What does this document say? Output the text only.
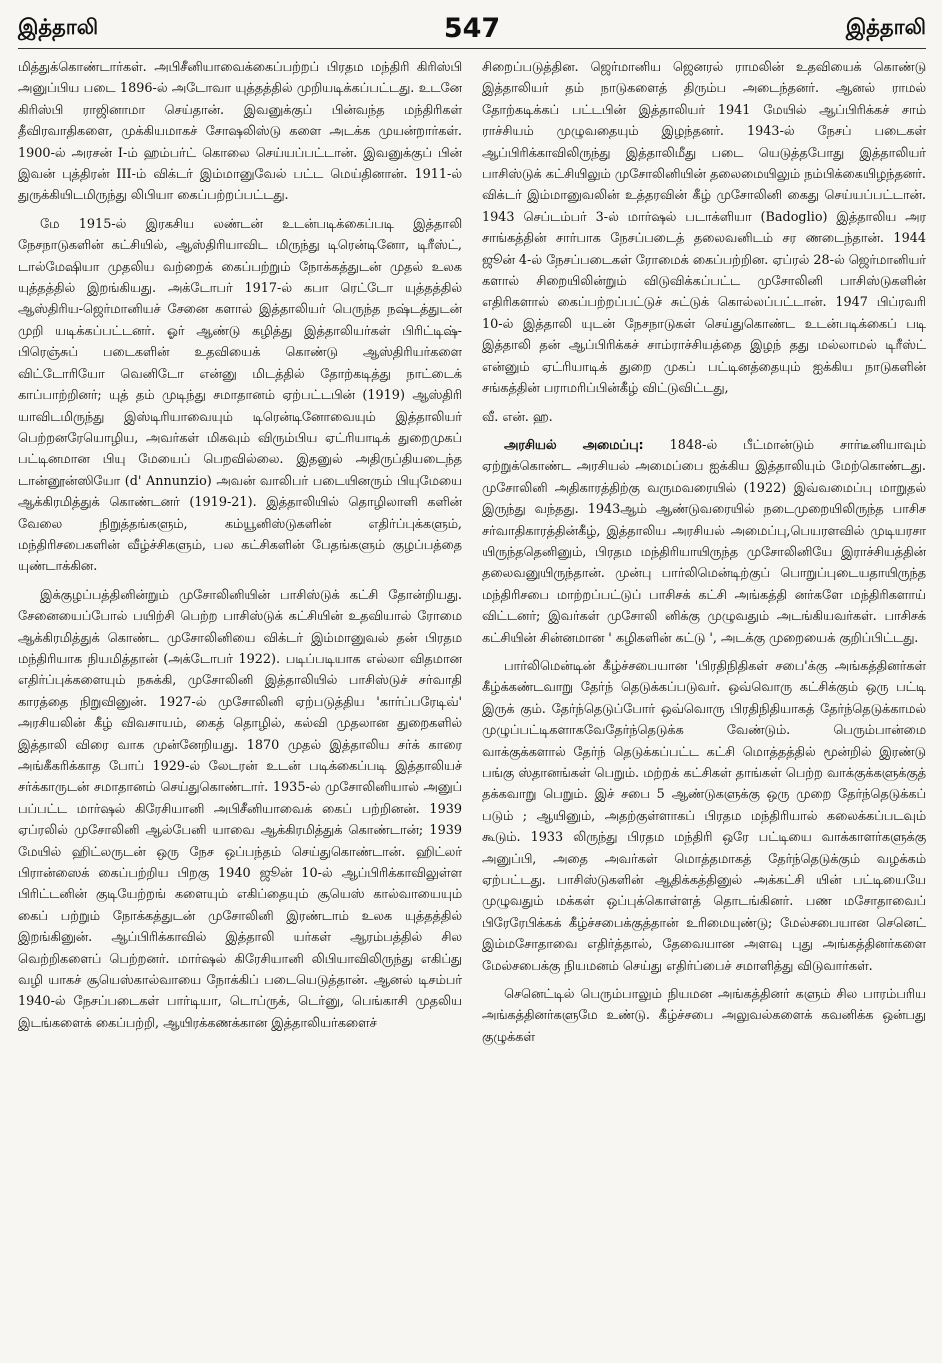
இத்தாலி	547	இத்தாலி

மித்துக்கொண்டார்கள். அபிசீனியாவைக்கைப்பற்றப் பிரதம மந்திரி கிரிஸ்பி அனுப்பிய படை 1896-ல் அடோவா யுத்தத்தில் முறியடிக்கப்பட்டது. உடனே கிரிஸ்பி ராஜினாமா செய்தான். இவனுக்குப் பின்வந்த மந்திரிகள் தீவிரவாதிகளை, முக்கியமாகச் சோஷலிஸ்டு களை அடக்க முயன்றார்கள். 1900-ல் அரசன் I-ம் ஹம்பர்ட் கொலை செய்யப்பட்டான். இவனுக்குப் பின் இவன் புத்திரன் III-ம் விக்டர் இம்மானுவேல் பட்ட மெய்தினான். 1911-ல் துருக்கியிடமிருந்து லிபியா கைப்பற்றப்பட்டது.

மே 1915-ல் இரகசிய லண்டன் உடன்படிக்கைப்படி இத்தாலி நேசநாடுகளின் கட்சியில், ஆஸ்திரியாவிட மிருந்து டிரென்டினோ, டிரீஸ்ட், டால்மேஷியா முதலிய வற்றைக் கைப்பற்றும் நோக்கத்துடன் முதல் உலக யுத்தத்தில் இறங்கியது. அக்டோபர் 1917-ல் கபா ரெட்டோ யுத்தத்தில் ஆஸ்திரிய-ஜெர்மானியச் சேனை களால் இத்தாலியர் பெருந்த நஷ்டத்துடன் முறி யடிக்கப்பட்டனர். ஓர் ஆண்டு கழித்து இத்தாலியர்கள் பிரிட்டிஷ்-பிரெஞ்சுப் படைகளின் உதவியைக் கொண்டு ஆஸ்திரியர்களை விட்டோரியோ வெனிடோ என்னு மிடத்தில் தோற்கடித்து நாட்டைக் காப்பாற்றினர்; யுத் தம் முடிந்து சமாதானம் ஏற்பட்டபின் (1919) ஆஸ்திரி யாவிடமிருந்து இஸ்டிரியாவையும் டிரென்டினோவையும் இத்தாலியர் பெற்றனரேயொழிய, அவர்கள் மிகவும் விரும்பிய ஏட்ரியாடிக் துறைமுகப் பட்டினமான பியு மேயைப் பெறவில்லை. இதனுல் அதிருப்தியடைந்த டான்னூன்ஸியோ (d' Annunzio) அவன் வாலிபர் படையினரும் பியுமேயை ஆக்கிரமித்துக் கொண்டனர் (1919-21). இத்தாலியில் தொழிலாளி களின் வேலை நிறுத்தங்களும், கம்யூனிஸ்டுகளின் எதிர்ப்புக்களும், மந்திரிசபைகளின் வீழ்ச்சிகளும், பல கட்சிகளின் பேதங்களும் குழப்பத்தை யுண்டாக்கின.

இக்குழப்பத்தினின்றும் முசோலினியின் பாசிஸ்டுக் கட்சி தோன்றியது. சேனையைப்போல் பயிற்சி பெற்ற பாசிஸ்டுக் கட்சியின் உதவியால் ரோமை ஆக்கிரமித்துக் கொண்ட முசோலினியை விக்டர் இம்மானுவல் தன் பிரதம மந்திரியாக நியமித்தான் (அக்டோபர் 1922). படிப்படியாக எல்லா விதமான எதிர்ப்புக்களையும் நசுக்கி, முசோலினி இத்தாலியில் பாசிஸ்டுச் சர்வாதி காரத்தை நிறுவினுன். 1927-ல் முசோலினி ஏற்படுத்திய 'கார்ப்பரேடிவ்' அரசியலின் கீழ் விவசாயம், கைத் தொழில், கல்வி முதலான துறைகளில் இத்தாலி விரை வாக முன்னேறியது. 1870 முதல் இத்தாலிய சர்க் காரை அங்கீகரிக்காத போப் 1929-ல் லேடரன் உடன் படிக்கைப்படி இத்தாலியச் சர்க்காருடன் சமாதானம் செய்துகொண்டார். 1935-ல் முசோலினியால் அனுப் பப்பட்ட மார்ஷல் கிரேசியானி அபிசீனியாவைக் கைப் பற்றினன். 1939 ஏப்ரலில் முசோலினி ஆல்பேனி யாவை ஆக்கிரமித்துக் கொண்டான்; 1939 மேயில் ஹிட்லருடன் ஒரு நேச ஒப்பந்தம் செய்துகொண்டான். ஹிட்லர் பிரான்ஸைக் கைப்பற்றிய பிறகு 1940 ஜூன் 10-ல் ஆப்பிரிக்காவிலுள்ள பிரிட்டனின் குடியேற்றங் களையும் எகிப்தையும் சூயெஸ் கால்வாயையும் கைப் பற்றும் நோக்கத்துடன் முசோலினி இரண்டாம் உலக யுத்தத்தில் இறங்கினுன். ஆப்பிரிக்காவில் இத்தாலி யர்கள் ஆரம்பத்தில் சில வெற்றிகளைப் பெற்றனர். மார்ஷல் கிரேசியானி லிபியாவிலிருந்து எகிப்து வழி யாகச் சூயெஸ்கால்வாயை நோக்கிப் படையெடுத்தான். ஆனல் டிசம்பர் 1940-ல் நேசப்படைகள் பார்டியா, டொப்ருக், டெர்னு, பெங்காசி முதலிய இடங்களைக் கைப்பற்றி, ஆயிரக்கணக்கான இத்தாலியர்களைச்

சிறைப்படுத்தின. ஜெர்மானிய ஜெனரல் ராமலின் உதவியைக் கொண்டு இத்தாலியர் தம் நாடுகளைத் திரும்ப அடைந்தனர். ஆனல் ராமல் தோற்கடிக்கப் பட்டபின் இத்தாலியர் 1941 மேயில் ஆப்பிரிக்கச் சாம் ராச்சியம் முழுவதையும் இழந்தனர். 1943-ல் நேசப் படைகள் ஆப்பிரிக்காவிலிருந்து இத்தாலிமீது படை யெடுத்தபோது இத்தாலியர் பாசிஸ்டுக் கட்சியிலும் முசோலினியின் தலைமையிலும் நம்பிக்கையிழந்தனர். விக்டர் இம்மானுவலின் உத்தரவின் கீழ் முசோலினி கைது செய்யப்பட்டான். 1943 செப்டம்பர் 3-ல் மார்ஷல் படாக்ளியா (Badoglio) இத்தாலிய அர சாங்கத்தின் சார்பாக நேசப்படைத் தலைவனிடம் சர ணடைந்தான். 1944 ஜூன் 4-ல் நேசப்படைகள் ரோமைக் கைப்பற்றின. ஏப்ரல் 28-ல் ஜெர்மானியர் களால் சிறையிலின்றும் விடுவிக்கப்பட்ட முசோலினி பாசிஸ்டுகளின் எதிரிகளால் கைப்பற்றப்பட்டுச் சுட்டுக் கொல்லப்பட்டான். 1947 பிப்ரவரி 10-ல் இத்தாலி யுடன் நேசநாடுகள் செய்துகொண்ட உடன்படிக்கைப் படி இத்தாலி தன் ஆப்பிரிக்கச் சாம்ராச்சியத்தை இழந் தது மல்லாமல் டிரீஸ்ட் என்னும் ஏட்ரியாடிக் துறை முகப் பட்டினத்தையும் ஐக்கிய நாடுகளின் சங்கத்தின் பராமரிப்பின்கீழ் விட்டுவிட்டது,

வீ. என். ஹ.

அரசியல் அமைப்பு: 1848-ல் பீட்மான்டும் சார்டீனியாவும் ஏற்றுக்கொண்ட அரசியல் அமைப்பை ஐக்கிய இத்தாலியும் மேற்கொண்டது. முசோலினி அதிகாரத்திற்கு வருமவரையில் (1922) இவ்வமைப்பு மாறுதல் இருந்து வந்தது. 1943ஆம் ஆண்டுவரையில் நடைமுறையிலிருந்த பாசிச சர்வாதிகாரத்தின்கீழ், இத்தாலிய அரசியல் அமைப்பு,பெயரளவில் முடியரசா யிருந்ததெனினும், பிரதம மந்திரியாயிருந்த முசோலினியே இராச்சியத்தின் தலைவனுயிருந்தான். முன்பு பார்லிமென்டிற்குப் பொறுப்புடையதாயிருந்த மந்திரிசபை மாற்றப்பட்டுப் பாசிசக் கட்சி அங்கத்தி னர்களே மந்திரிகளாய் விட்டனர்; இவர்கள் முசோலி னிக்கு முழுவதும் அடங்கியவர்கள். பாசிசக் கட்சியின் சின்னமான ' கழிகளின் கட்டு ', அடக்கு முறையைக் குறிப்பிட்டது.

பார்லிமென்டின் கீழ்ச்சபையான 'பிரதிநிதிகள் சபை'க்கு அங்கத்தினர்கள் கீழ்க்கண்டவாறு தேர்ந் தெடுக்கப்படுவர். ஒவ்வொரு கட்சிக்கும் ஒரு பட்டி இருக் கும். தேர்ந்தெடுப்போர் ஒவ்வொரு பிரதிநிதியாகத் தேர்ந்தெடுக்காமல் முழுப்பட்டிகளாகவேதேர்ந்தெடுக்க வேண்டும். பெரும்பான்மை வாக்குக்களால் தேர்ந் தெடுக்கப்பட்ட கட்சி மொத்தத்தில் மூன்றில் இரண்டு பங்கு ஸ்தானங்கள் பெறும். மற்றக் கட்சிகள் தாங்கள் பெற்ற வாக்குக்களுக்குத் தக்கவாறு பெறும். இச் சபை 5 ஆண்டுகளுக்கு ஒரு முறை தேர்ந்தெடுக்கப் படும் ; ஆயினும், அதற்குள்ளாகப் பிரதம மந்திரியால் கலைக்கப்படவும் கூடும். 1933 லிருந்து பிரதம மந்திரி ஒரே பட்டியை வாக்காளர்களுக்கு அனுப்பி, அதை அவர்கள் மொத்தமாகத் தேர்ந்தெடுக்கும் வழக்கம் ஏற்பட்டது. பாசிஸ்டுகளின் ஆதிக்கத்தினுல் அக்கட்சி யின் பட்டியையே முழுவதும் மக்கள் ஒப்புக்கொள்ளத் தொடங்கினர். பண மசோதாவைப் பிரேரேபிக்கக் கீழ்ச்சபைக்குத்தான் உரிமையுண்டு; மேல்சபையான செனெட் இம்மசோதாவை எதிர்த்தால், தேவையான அளவு புது அங்கத்தினர்களை மேல்சபைக்கு நியமனம் செய்து எதிர்ப்பைச் சமாளித்து விடுவார்கள்.

செனெட்டில் பெரும்பாலும் நியமன அங்கத்தினர் களும் சில பாரம்பரிய அங்கத்தினர்களுமே உண்டு. கீழ்ச்சபை அலுவல்களைக் கவனிக்க ஒன்பது குழுக்கள்
